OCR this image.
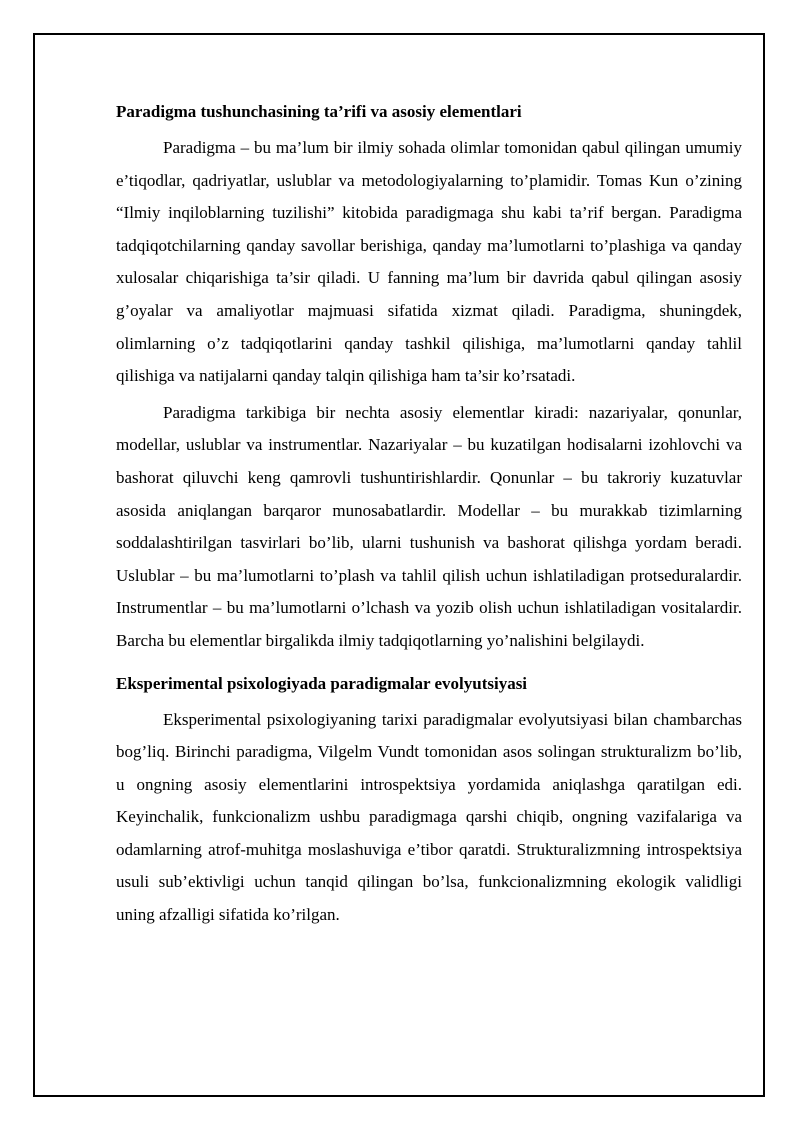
Paradigma tushunchasining ta’rifi va asosiy elementlari

Paradigma – bu ma’lum bir ilmiy sohada olimlar tomonidan qabul qilingan umumiy e’tiqodlar, qadriyatlar, uslublar va metodologiyalarning to’plamidir. Tomas Kun o’zining “Ilmiy inqiloblarning tuzilishi” kitobida paradigmaga shu kabi ta’rif bergan. Paradigma tadqiqotchilarning qanday savollar berishiga, qanday ma’lumotlarni to’plashiga va qanday xulosalar chiqarishiga ta’sir qiladi. U fanning ma’lum bir davrida qabul qilingan asosiy g’oyalar va amaliyotlar majmuasi sifatida xizmat qiladi. Paradigma, shuningdek, olimlarning o’z tadqiqotlarini qanday tashkil qilishiga, ma’lumotlarni qanday tahlil qilishiga va natijalarni qanday talqin qilishiga ham ta’sir ko’rsatadi.

Paradigma tarkibiga bir nechta asosiy elementlar kiradi: nazariyalar, qonunlar, modellar, uslublar va instrumentlar. Nazariyalar – bu kuzatilgan hodisalarni izohlovchi va bashorat qiluvchi keng qamrovli tushuntirishlardir. Qonunlar – bu takroriy kuzatuvlar asosida aniqlangan barqaror munosabatlardir. Modellar – bu murakkab tizimlarning soddalashtirilgan tasvirlari bo’lib, ularni tushunish va bashorat qilishga yordam beradi. Uslublar – bu ma’lumotlarni to’plash va tahlil qilish uchun ishlatiladigan protseduralardir. Instrumentlar – bu ma’lumotlarni o’lchash va yozib olish uchun ishlatiladigan vositalardir. Barcha bu elementlar birgalikda ilmiy tadqiqotlarning yo’nalishini belgilaydi.

Eksperimental psixologiyada paradigmalar evolyutsiyasi

Eksperimental psixologiyaning tarixi paradigmalar evolyutsiyasi bilan chambarchas bog’liq. Birinchi paradigma, Vilgelm Vundt tomonidan asos solingan strukturalizm bo’lib, u ongning asosiy elementlarini introspektsiya yordamida aniqlashga qaratilgan edi. Keyinchalik, funkcionalizm ushbu paradigmaga qarshi chiqib, ongning vazifalariga va odamlarning atrof-muhitga moslashuviga e’tibor qaratdi. Strukturalizmning introspektsiya usuli sub’ektivligi uchun tanqid qilingan bo’lsa, funkcionalizmning ekologik validligi uning afzalligi sifatida ko’rilgan.
